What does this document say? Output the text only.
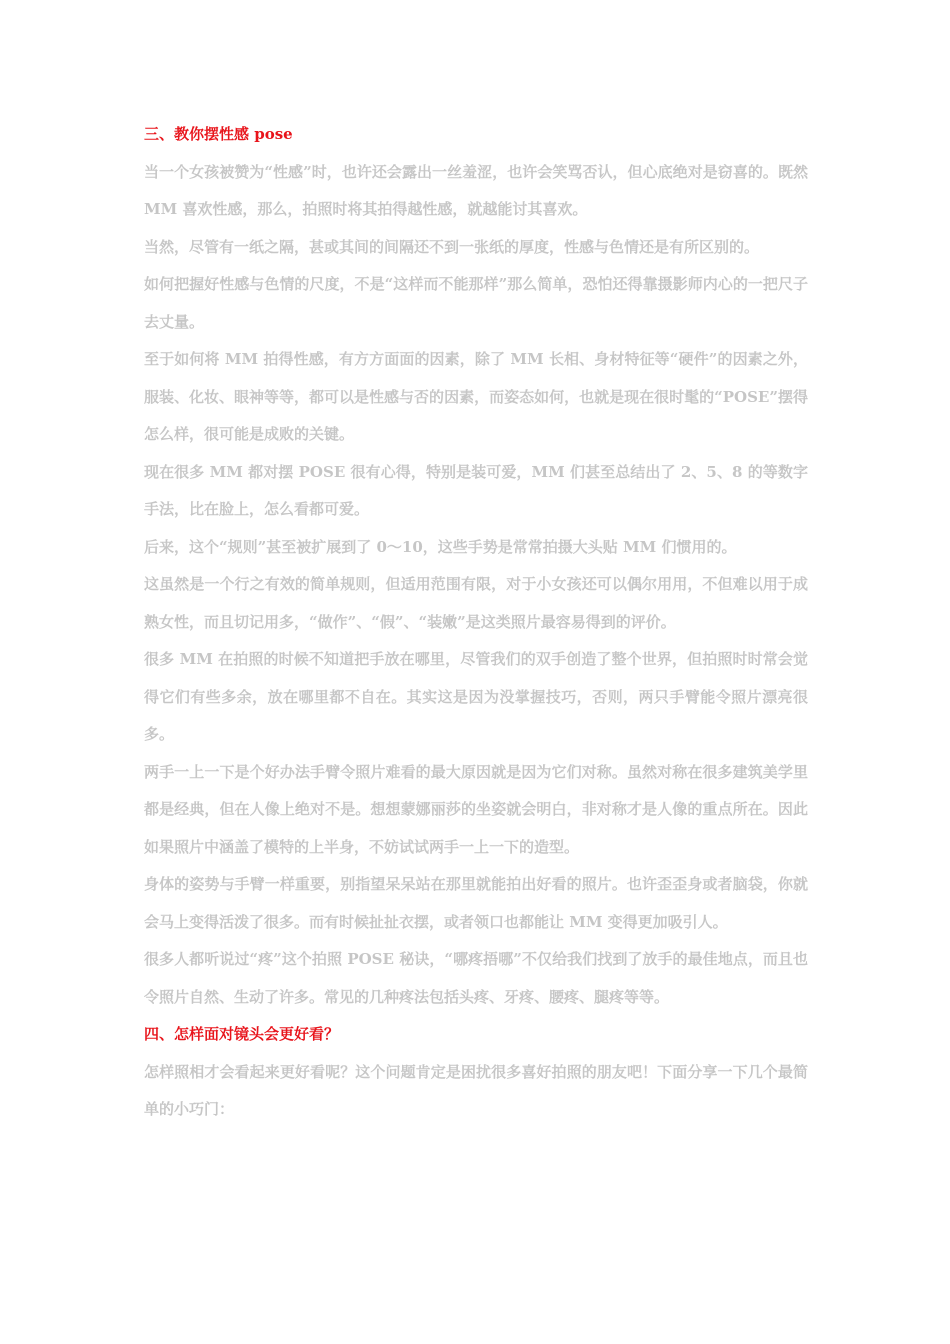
三、教你摆性感 pose

当一个女孩被赞为“性感”时，也许还会露出一丝羞涩，也许会笑骂否认，但心底绝对是窃喜的。既然 MM 喜欢性感，那么，拍照时将其拍得越性感，就越能讨其喜欢。

当然，尽管有一纸之隔，甚或其间的间隔还不到一张纸的厚度，性感与色情还是有所区别的。

如何把握好性感与色情的尺度，不是“这样而不能那样”那么简单，恐怕还得靠摄影师内心的一把尺子去丈量。

至于如何将 MM 拍得性感，有方方面面的因素，除了 MM 长相、身材特征等“硬件”的因素之外，服装、化妆、眼神等等，都可以是性感与否的因素，而姿态如何，也就是现在很时髦的“POSE”摆得怎么样，很可能是成败的关键。

现在很多 MM 都对摆 POSE 很有心得，特别是装可爱，MM 们甚至总结出了 2、5、8 的等数字手法，比在脸上，怎么看都可爱。

后来，这个“规则”甚至被扩展到了 0～10，这些手势是常常拍摄大头贴 MM 们惯用的。

这虽然是一个行之有效的简单规则，但适用范围有限，对于小女孩还可以偶尔用用，不但难以用于成熟女性，而且切记用多，“做作”、“假”、“装嫩”是这类照片最容易得到的评价。

很多 MM 在拍照的时候不知道把手放在哪里，尽管我们的双手创造了整个世界，但拍照时时常会觉得它们有些多余，放在哪里都不自在。其实这是因为没掌握技巧，否则，两只手臂能令照片漂亮很多。

两手一上一下是个好办法手臂令照片难看的最大原因就是因为它们对称。虽然对称在很多建筑美学里都是经典，但在人像上绝对不是。想想蒙娜丽莎的坐姿就会明白，非对称才是人像的重点所在。因此如果照片中涵盖了模特的上半身，不妨试试两手一上一下的造型。

身体的姿势与手臂一样重要，别指望呆呆站在那里就能拍出好看的照片。也许歪歪身或者脑袋，你就会马上变得活泼了很多。而有时候扯扯衣摆，或者领口也都能让 MM 变得更加吸引人。

很多人都听说过“疼”这个拍照 POSE 秘诀，“哪疼捂哪”不仅给我们找到了放手的最佳地点，而且也令照片自然、生动了许多。常见的几种疼法包括头疼、牙疼、腰疼、腿疼等等。

四、怎样面对镜头会更好看？

怎样照相才会看起来更好看呢？这个问题肯定是困扰很多喜好拍照的朋友吧！下面分享一下几个最简单的小巧门：
